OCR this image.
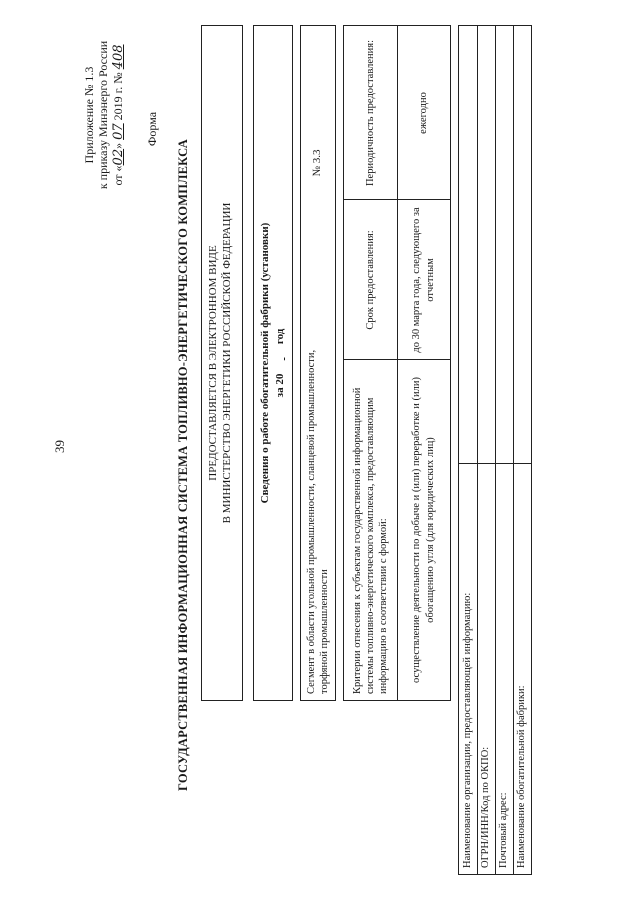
39
Приложение № 1.3 к приказу Минэнерго России от «02» 07 2019 г. № 408
Форма
ГОСУДАРСТВЕННАЯ ИНФОРМАЦИОННАЯ СИСТЕМА ТОПЛИВНО-ЭНЕРГЕТИЧЕСКОГО КОМПЛЕКСА ПРЕДОСТАВЛЯЕТСЯ В ЭЛЕКТРОННОМ ВИДЕ В МИНИСТЕРСТВО ЭНЕРГЕТИКИ РОССИЙСКОЙ ФЕДЕРАЦИИ Сведения о работе обогатительной фабрики (установки) за 20   год
Сегмент в области угольной промышленности, сланцевой промышленности, торфяной промышленности
№ 3.3
Критерии отнесения к субъектам государственной информационной системы топливно-энергетического комплекса, предоставляющим информацию в соответствии с формой:
Срок предоставления:
Периодичность предоставления:
осуществление деятельности по добыче и (или) переработке и (или) обогащению угля (для юридических лиц)
до 30 марта года, следующего за отчетным
ежегодно
Наименование организации, предоставляющей информацию: ОГРН/ИНН/Код по ОКПО: Почтовый адрес: Наименование обогатительной фабрики:
